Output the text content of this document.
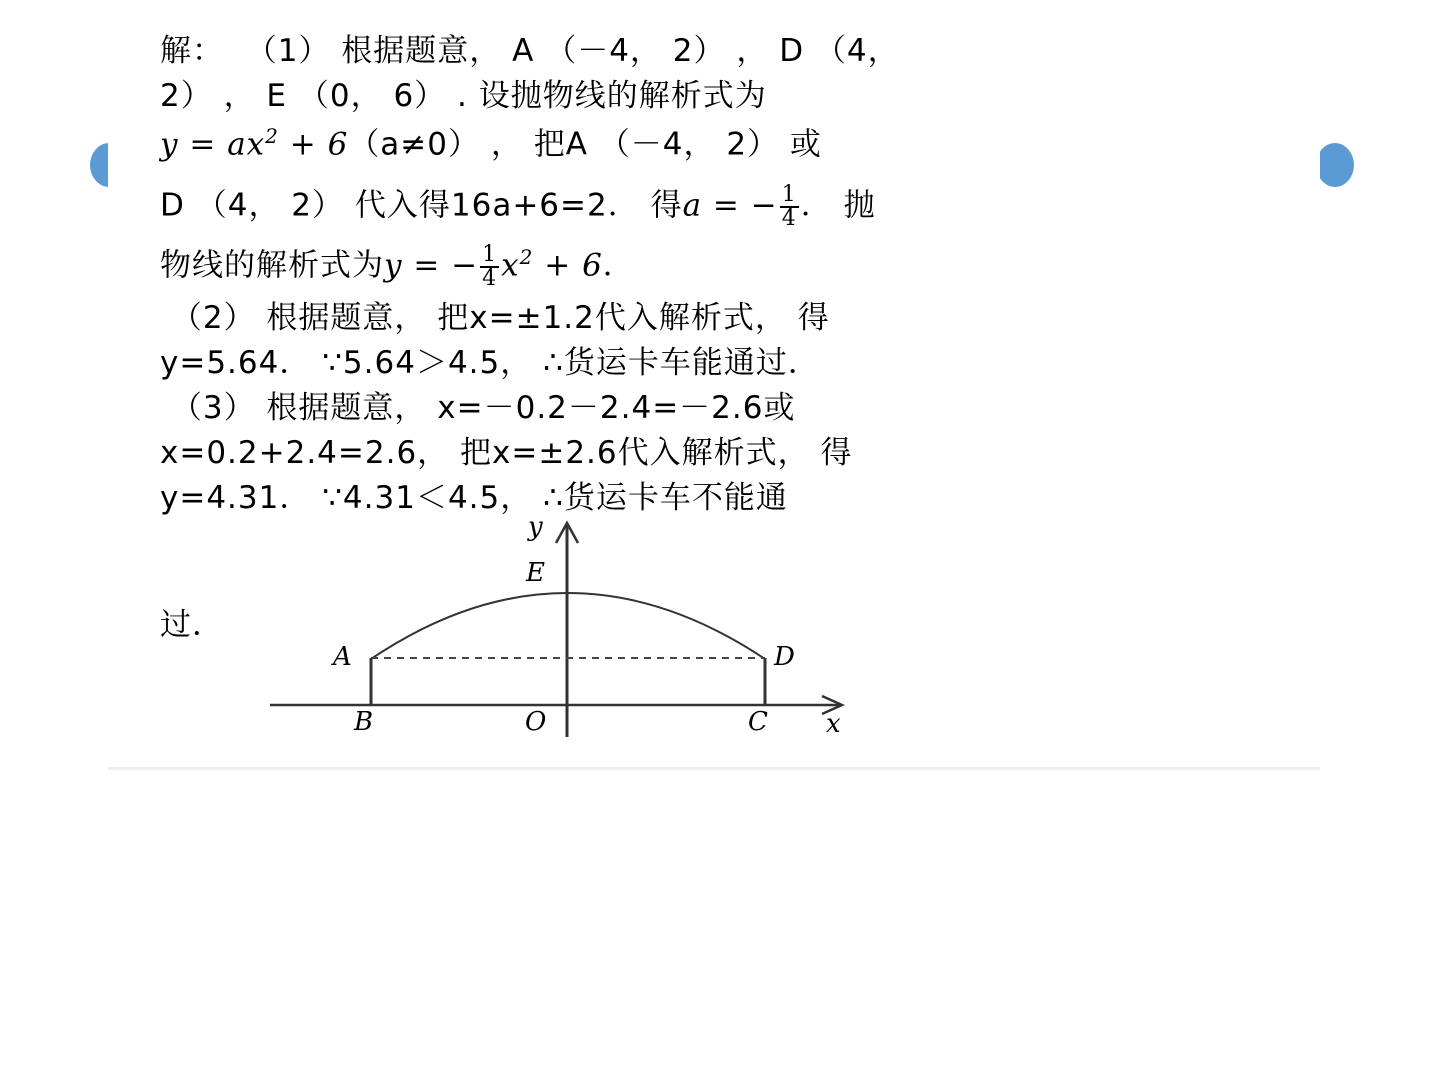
解：  （1） 根据题意， A （－4， 2） ， D （4，
2） ， E （0， 6） . 设抛物线的解析式为
$y = ax^2 + 6(a\ne 0)$ ， 把A （－4， 2） 或
D （4， 2） 代入得16a+6=2． 得a = − $\frac{1}{4}$ ． 抛
物线的解析式为y = − $\frac{1}{4} x^2 + 6$．
（2） 根据题意， 把x=±1.2代入解析式， 得
y=5.64． ∵5.64＞4.5， ∴货运卡车能通过．
（3） 根据题意， x=－0.2－2.4=－2.6或
x=0.2+2.4=2.6， 把x=±2.6代入解析式， 得
y=4.31． ∵4.31＜4.5， ∴货运卡车不能通
过．
y
x
E
A	D
B	O	C
